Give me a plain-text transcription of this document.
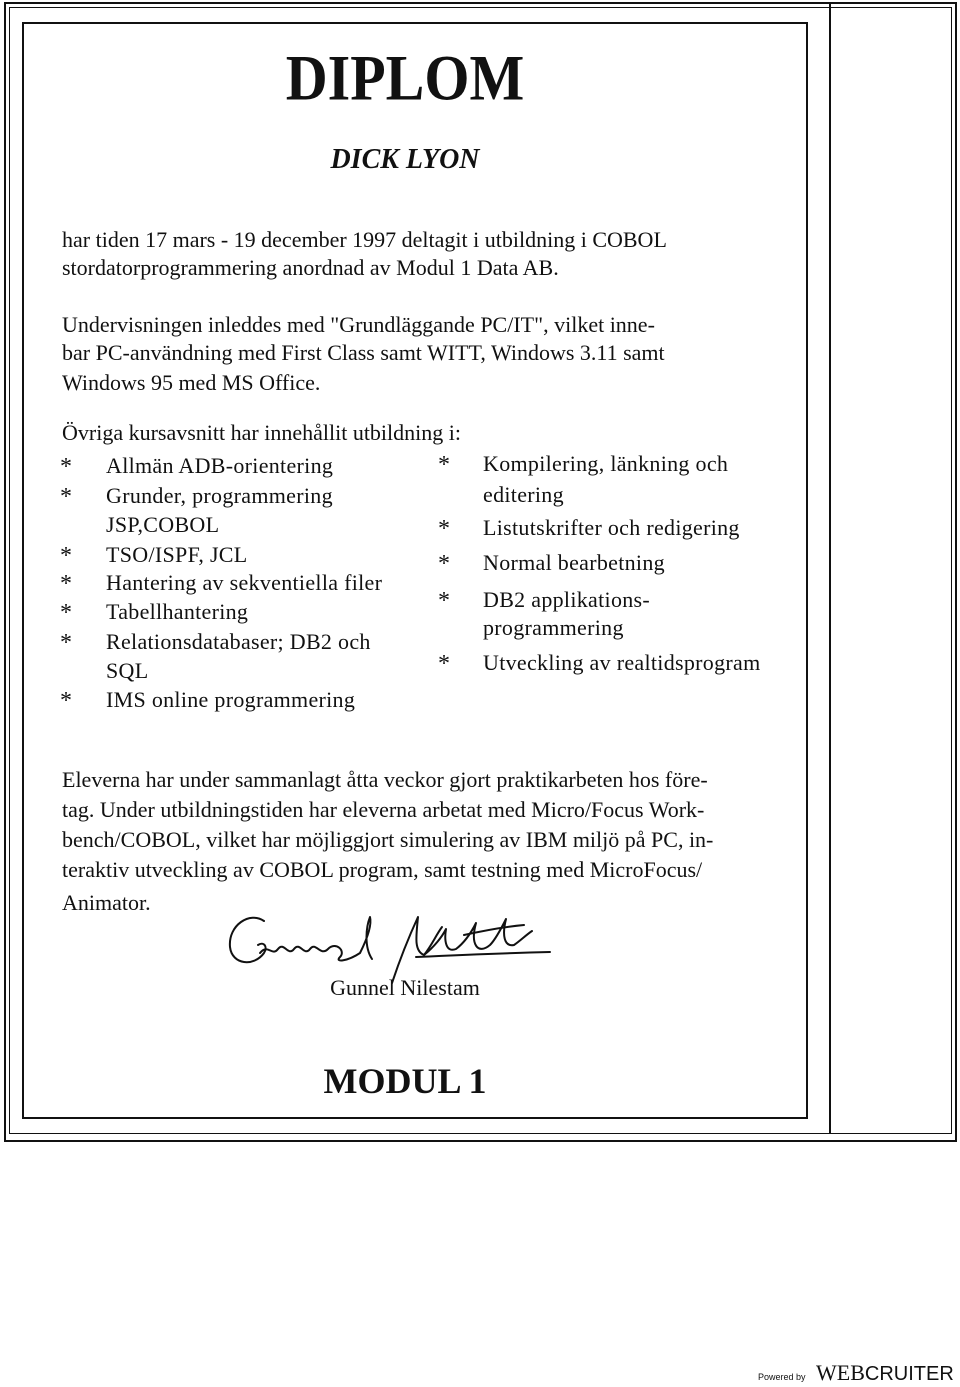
DIPLOM
DICK LYON
har tiden 17 mars - 19 december 1997 deltagit i utbildning i COBOL
stordatorprogrammering anordnad av Modul 1 Data AB.
Undervisningen inleddes med "Grundläggande PC/IT", vilket inne-
bar PC-användning med First Class samt WITT, Windows 3.11 samt
Windows 95 med MS Office.
Övriga kursavsnitt har innehållit utbildning i:
* Allmän ADB-orientering
* Grunder, programmering
JSP,COBOL
* TSO/ISPF, JCL
* Hantering av sekventiella filer
* Tabellhantering
* Relationsdatabaser; DB2 och
SQL
* IMS online programmering
* Kompilering, länkning och
editering
* Listutskrifter och redigering
* Normal bearbetning
* DB2 applikations-
programmering
* Utveckling av realtidsprogram
Eleverna har under sammanlagt åtta veckor gjort praktikarbeten hos före-
tag. Under utbildningstiden har eleverna arbetat med Micro/Focus Work-
bench/COBOL, vilket har möjliggjort simulering av IBM miljö på PC, in-
teraktiv utveckling av COBOL program, samt testning med MicroFocus/
Animator.
Gunnel Nilestam
MODUL 1
Powered by WEBCRUITER
